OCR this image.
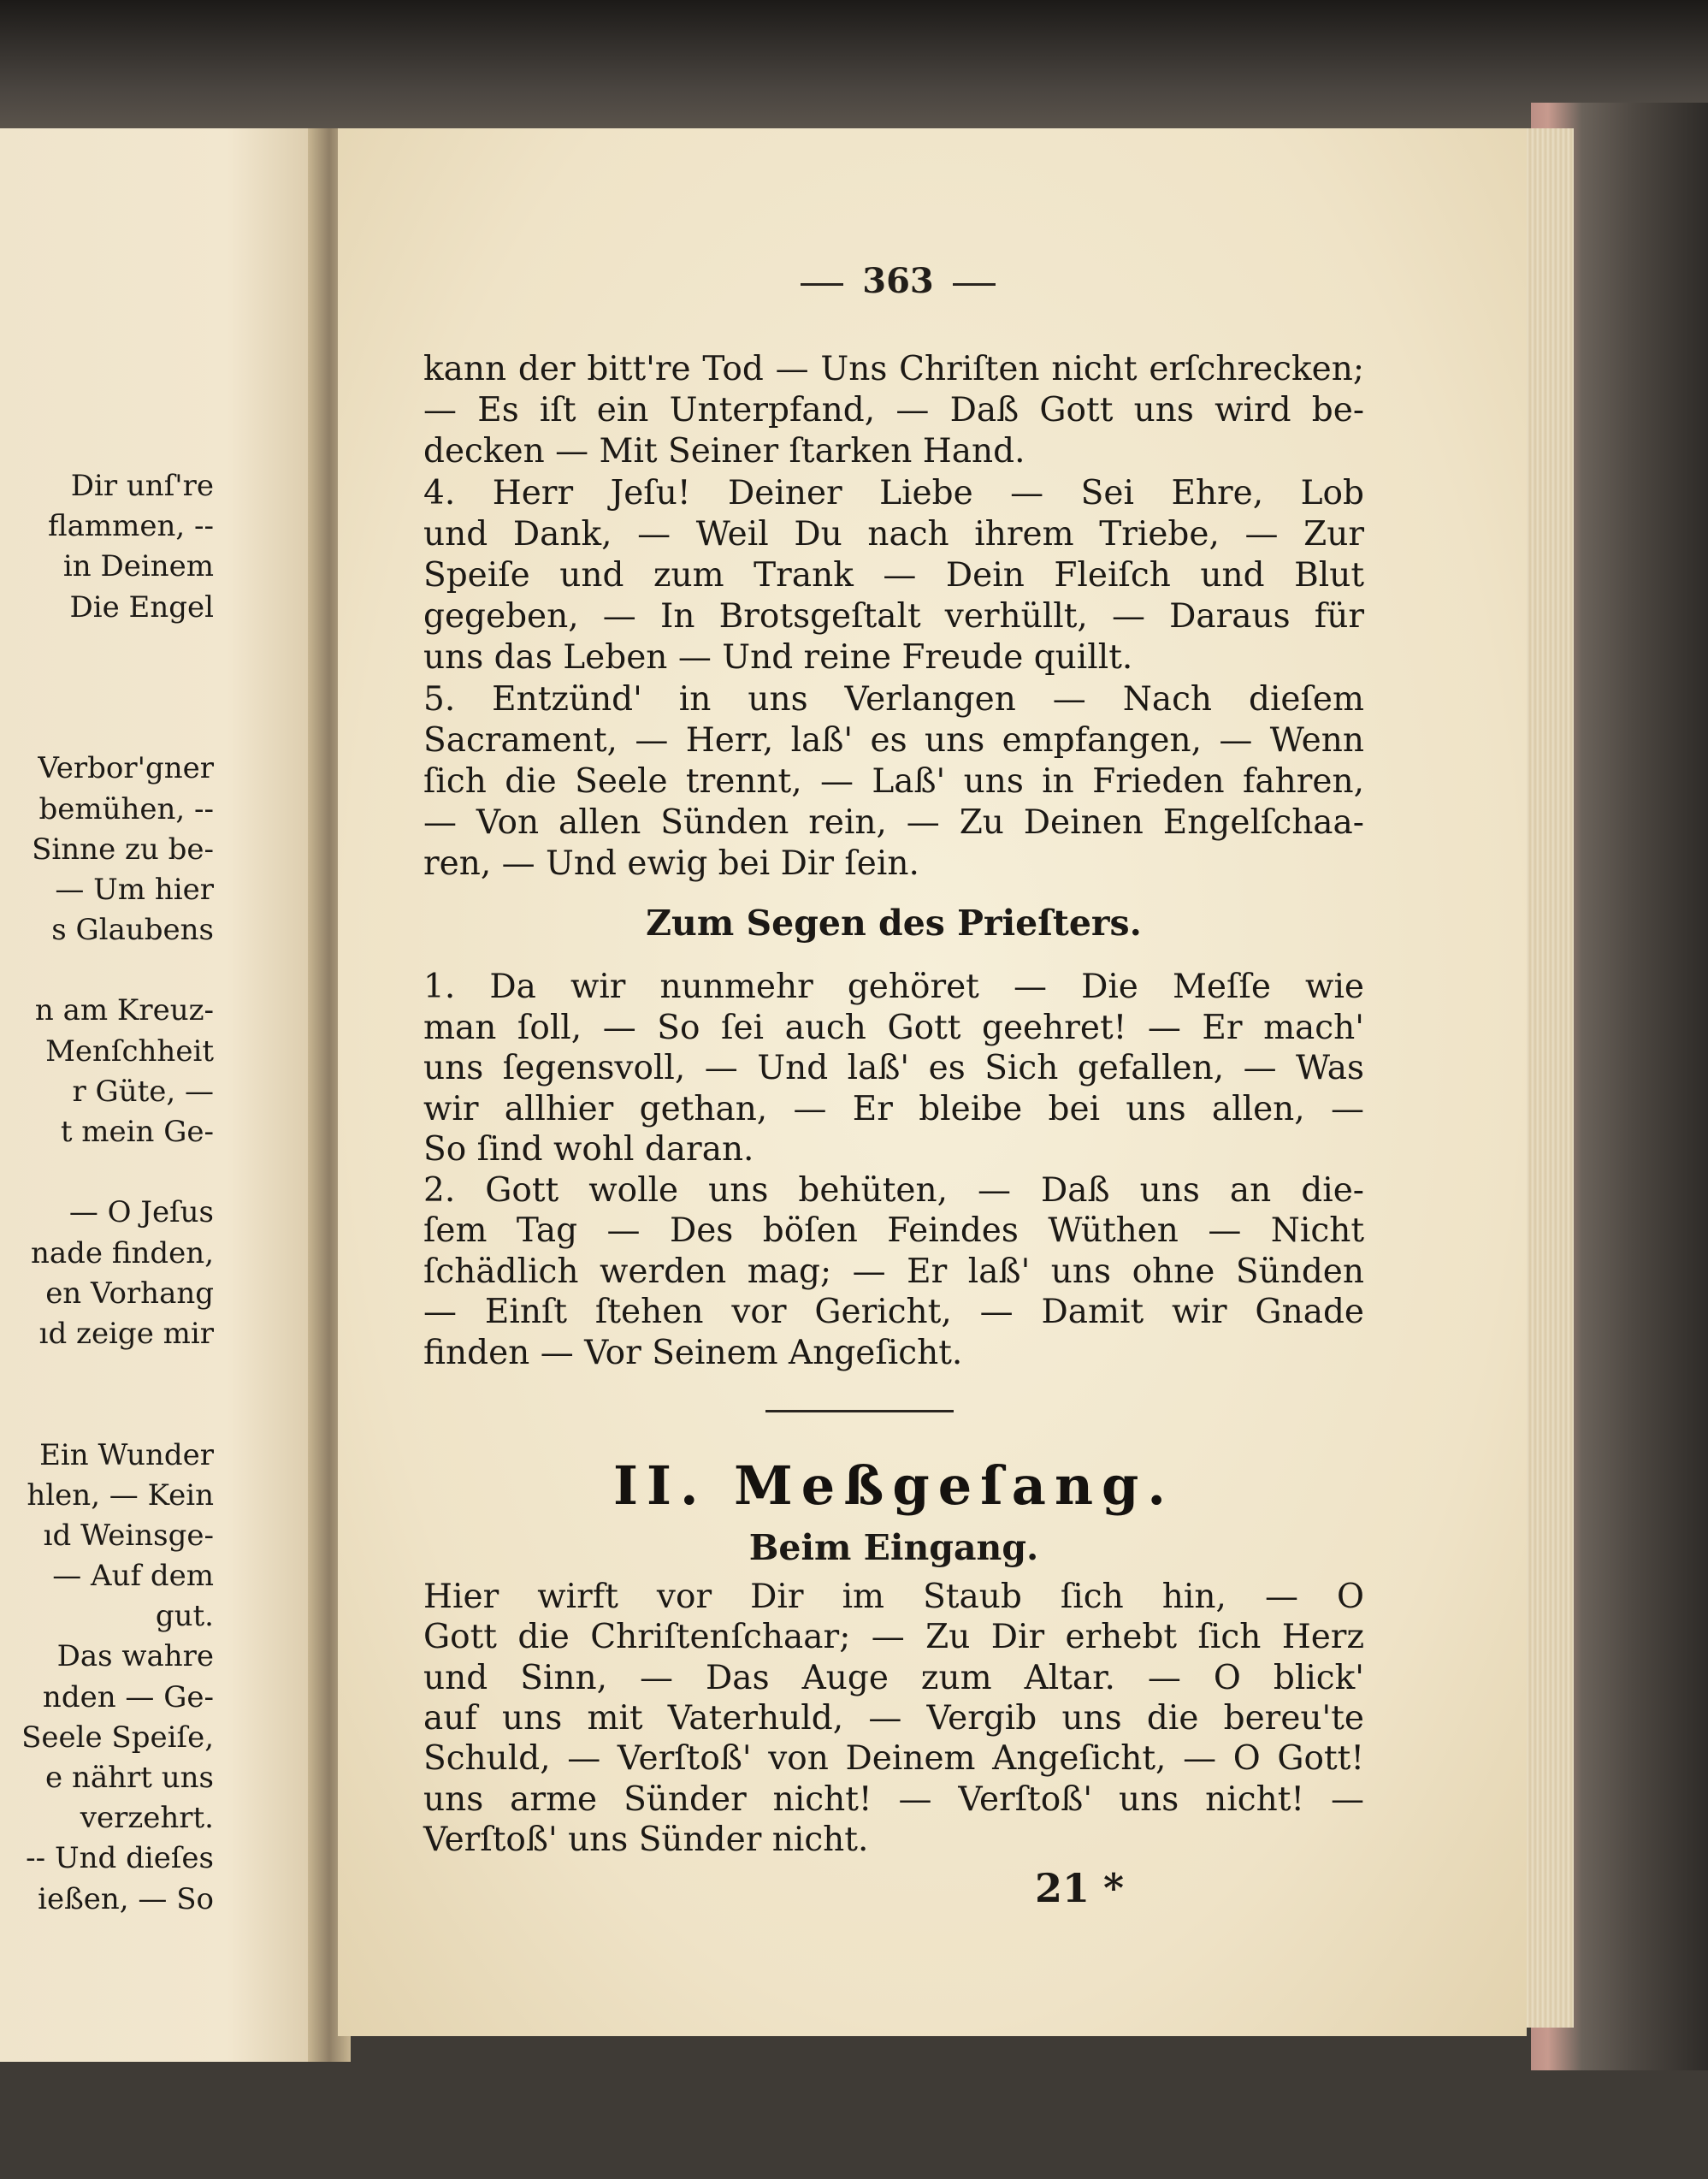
Dir unſ're
flammen, --
in Deinem
Die Engel
Verbor'gner
bemühen, --
Sinne zu be-
— Um hier
s Glaubens
n am Kreuz-
Menſchheit
r Güte, —
t mein Ge-
— O Jeſus
nade finden,
en Vorhang
ıd zeige mir
Ein Wunder
hlen, — Kein
ıd Weinsge-
— Auf dem
gut.
Das wahre
nden — Ge-
Seele Speiſe,
e nährt uns
verzehrt.
-- Und dieſes
ießen, — So
363
kann der bitt're Tod — Uns Chriſten nicht erſchrecken;
— Es iſt ein Unterpfand, — Daß Gott uns wird be-
decken — Mit Seiner ſtarken Hand.
4. Herr Jeſu! Deiner Liebe — Sei Ehre, Lob
und Dank, — Weil Du nach ihrem Triebe, — Zur
Speiſe und zum Trank — Dein Fleiſch und Blut
gegeben, — In Brotsgeſtalt verhüllt, — Daraus für
uns das Leben — Und reine Freude quillt.
5. Entzünd' in uns Verlangen — Nach dieſem
Sacrament, — Herr, laß' es uns empfangen, — Wenn
ſich die Seele trennt, — Laß' uns in Frieden fahren,
— Von allen Sünden rein, — Zu Deinen Engelſchaa-
ren, — Und ewig bei Dir ſein.
Zum Segen des Prieſters.
1. Da wir nunmehr gehöret — Die Meſſe wie
man ſoll, — So ſei auch Gott geehret! — Er mach'
uns ſegensvoll, — Und laß' es Sich gefallen, — Was
wir allhier gethan, — Er bleibe bei uns allen, —
So ſind wohl daran.
2. Gott wolle uns behüten, — Daß uns an die-
ſem Tag — Des böſen Feindes Wüthen — Nicht
ſchädlich werden mag; — Er laß' uns ohne Sünden
— Einſt ſtehen vor Gericht, — Damit wir Gnade
finden — Vor Seinem Angeſicht.
II. Meßgeſang.
Beim Eingang.
Hier wirft vor Dir im Staub ſich hin, — O
Gott die Chriſtenſchaar; — Zu Dir erhebt ſich Herz
und Sinn, — Das Auge zum Altar. — O blick'
auf uns mit Vaterhuld, — Vergib uns die bereu'te
Schuld, — Verſtoß' von Deinem Angeſicht, — O Gott!
uns arme Sünder nicht! — Verſtoß' uns nicht! —
Verſtoß' uns Sünder nicht.
21 *
